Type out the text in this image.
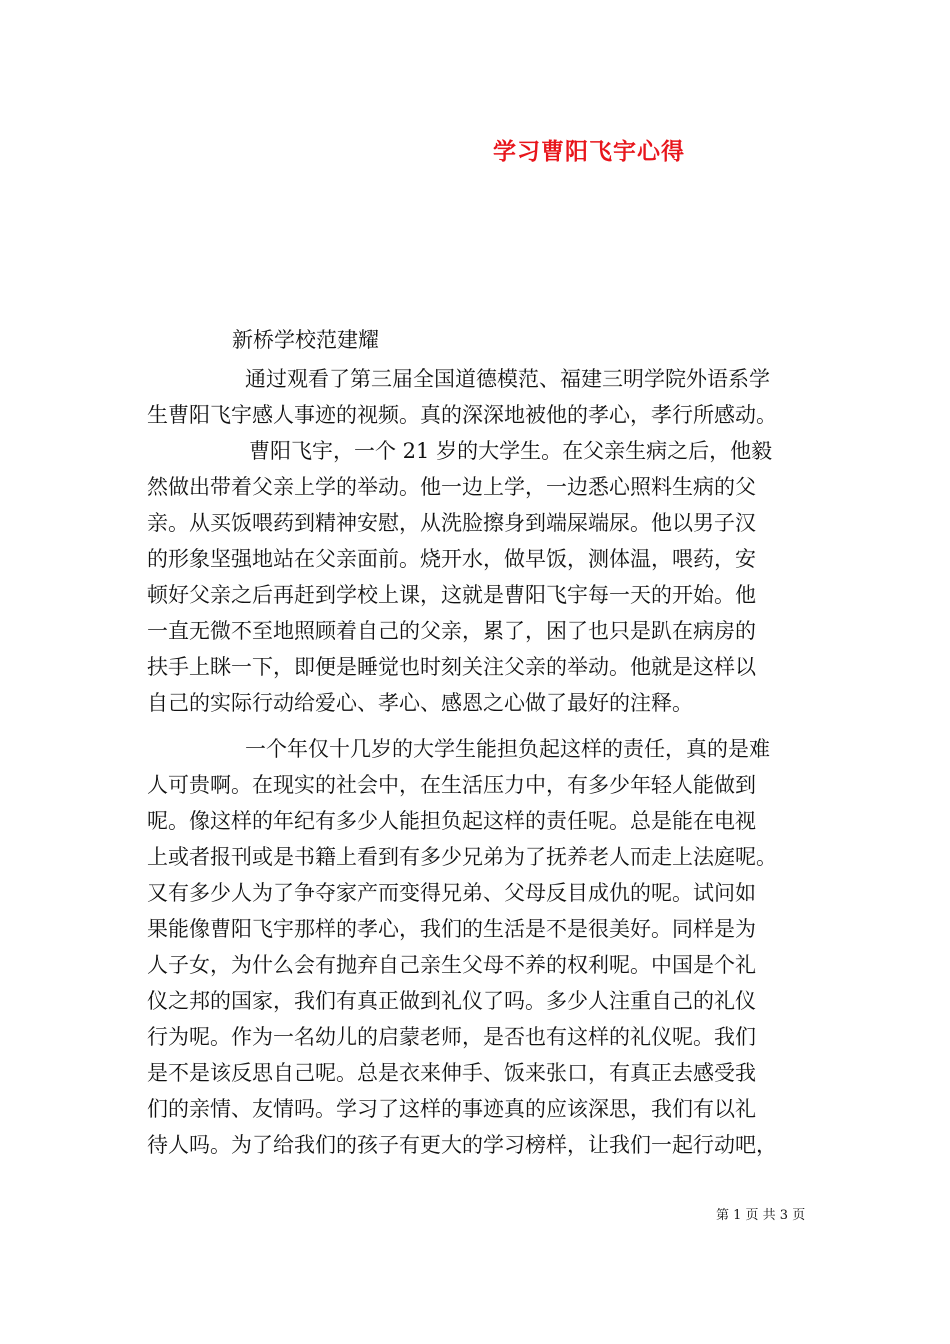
学习曹阳飞宇心得
新桥学校范建耀
通过观看了第三届全国道德模范、福建三明学院外语系学
生曹阳飞宇感人事迹的视频。真的深深地被他的孝心，孝行所感动。
曹阳飞宇，一个 21 岁的大学生。在父亲生病之后，他毅
然做出带着父亲上学的举动。他一边上学，一边悉心照料生病的父
亲。从买饭喂药到精神安慰，从洗脸擦身到端屎端尿。他以男子汉
的形象坚强地站在父亲面前。烧开水，做早饭，测体温，喂药，安
顿好父亲之后再赶到学校上课，这就是曹阳飞宇每一天的开始。他
一直无微不至地照顾着自己的父亲，累了，困了也只是趴在病房的
扶手上眯一下，即便是睡觉也时刻关注父亲的举动。他就是这样以
自己的实际行动给爱心、孝心、感恩之心做了最好的注释。
一个年仅十几岁的大学生能担负起这样的责任，真的是难
人可贵啊。在现实的社会中，在生活压力中，有多少年轻人能做到
呢。像这样的年纪有多少人能担负起这样的责任呢。总是能在电视
上或者报刊或是书籍上看到有多少兄弟为了抚养老人而走上法庭呢。
又有多少人为了争夺家产而变得兄弟、父母反目成仇的呢。试问如
果能像曹阳飞宇那样的孝心，我们的生活是不是很美好。同样是为
人子女，为什么会有抛弃自己亲生父母不养的权利呢。中国是个礼
仪之邦的国家，我们有真正做到礼仪了吗。多少人注重自己的礼仪
行为呢。作为一名幼儿的启蒙老师，是否也有这样的礼仪呢。我们
是不是该反思自己呢。总是衣来伸手、饭来张口，有真正去感受我
们的亲情、友情吗。学习了这样的事迹真的应该深思，我们有以礼
待人吗。为了给我们的孩子有更大的学习榜样，让我们一起行动吧，
第 1 页 共 3 页
